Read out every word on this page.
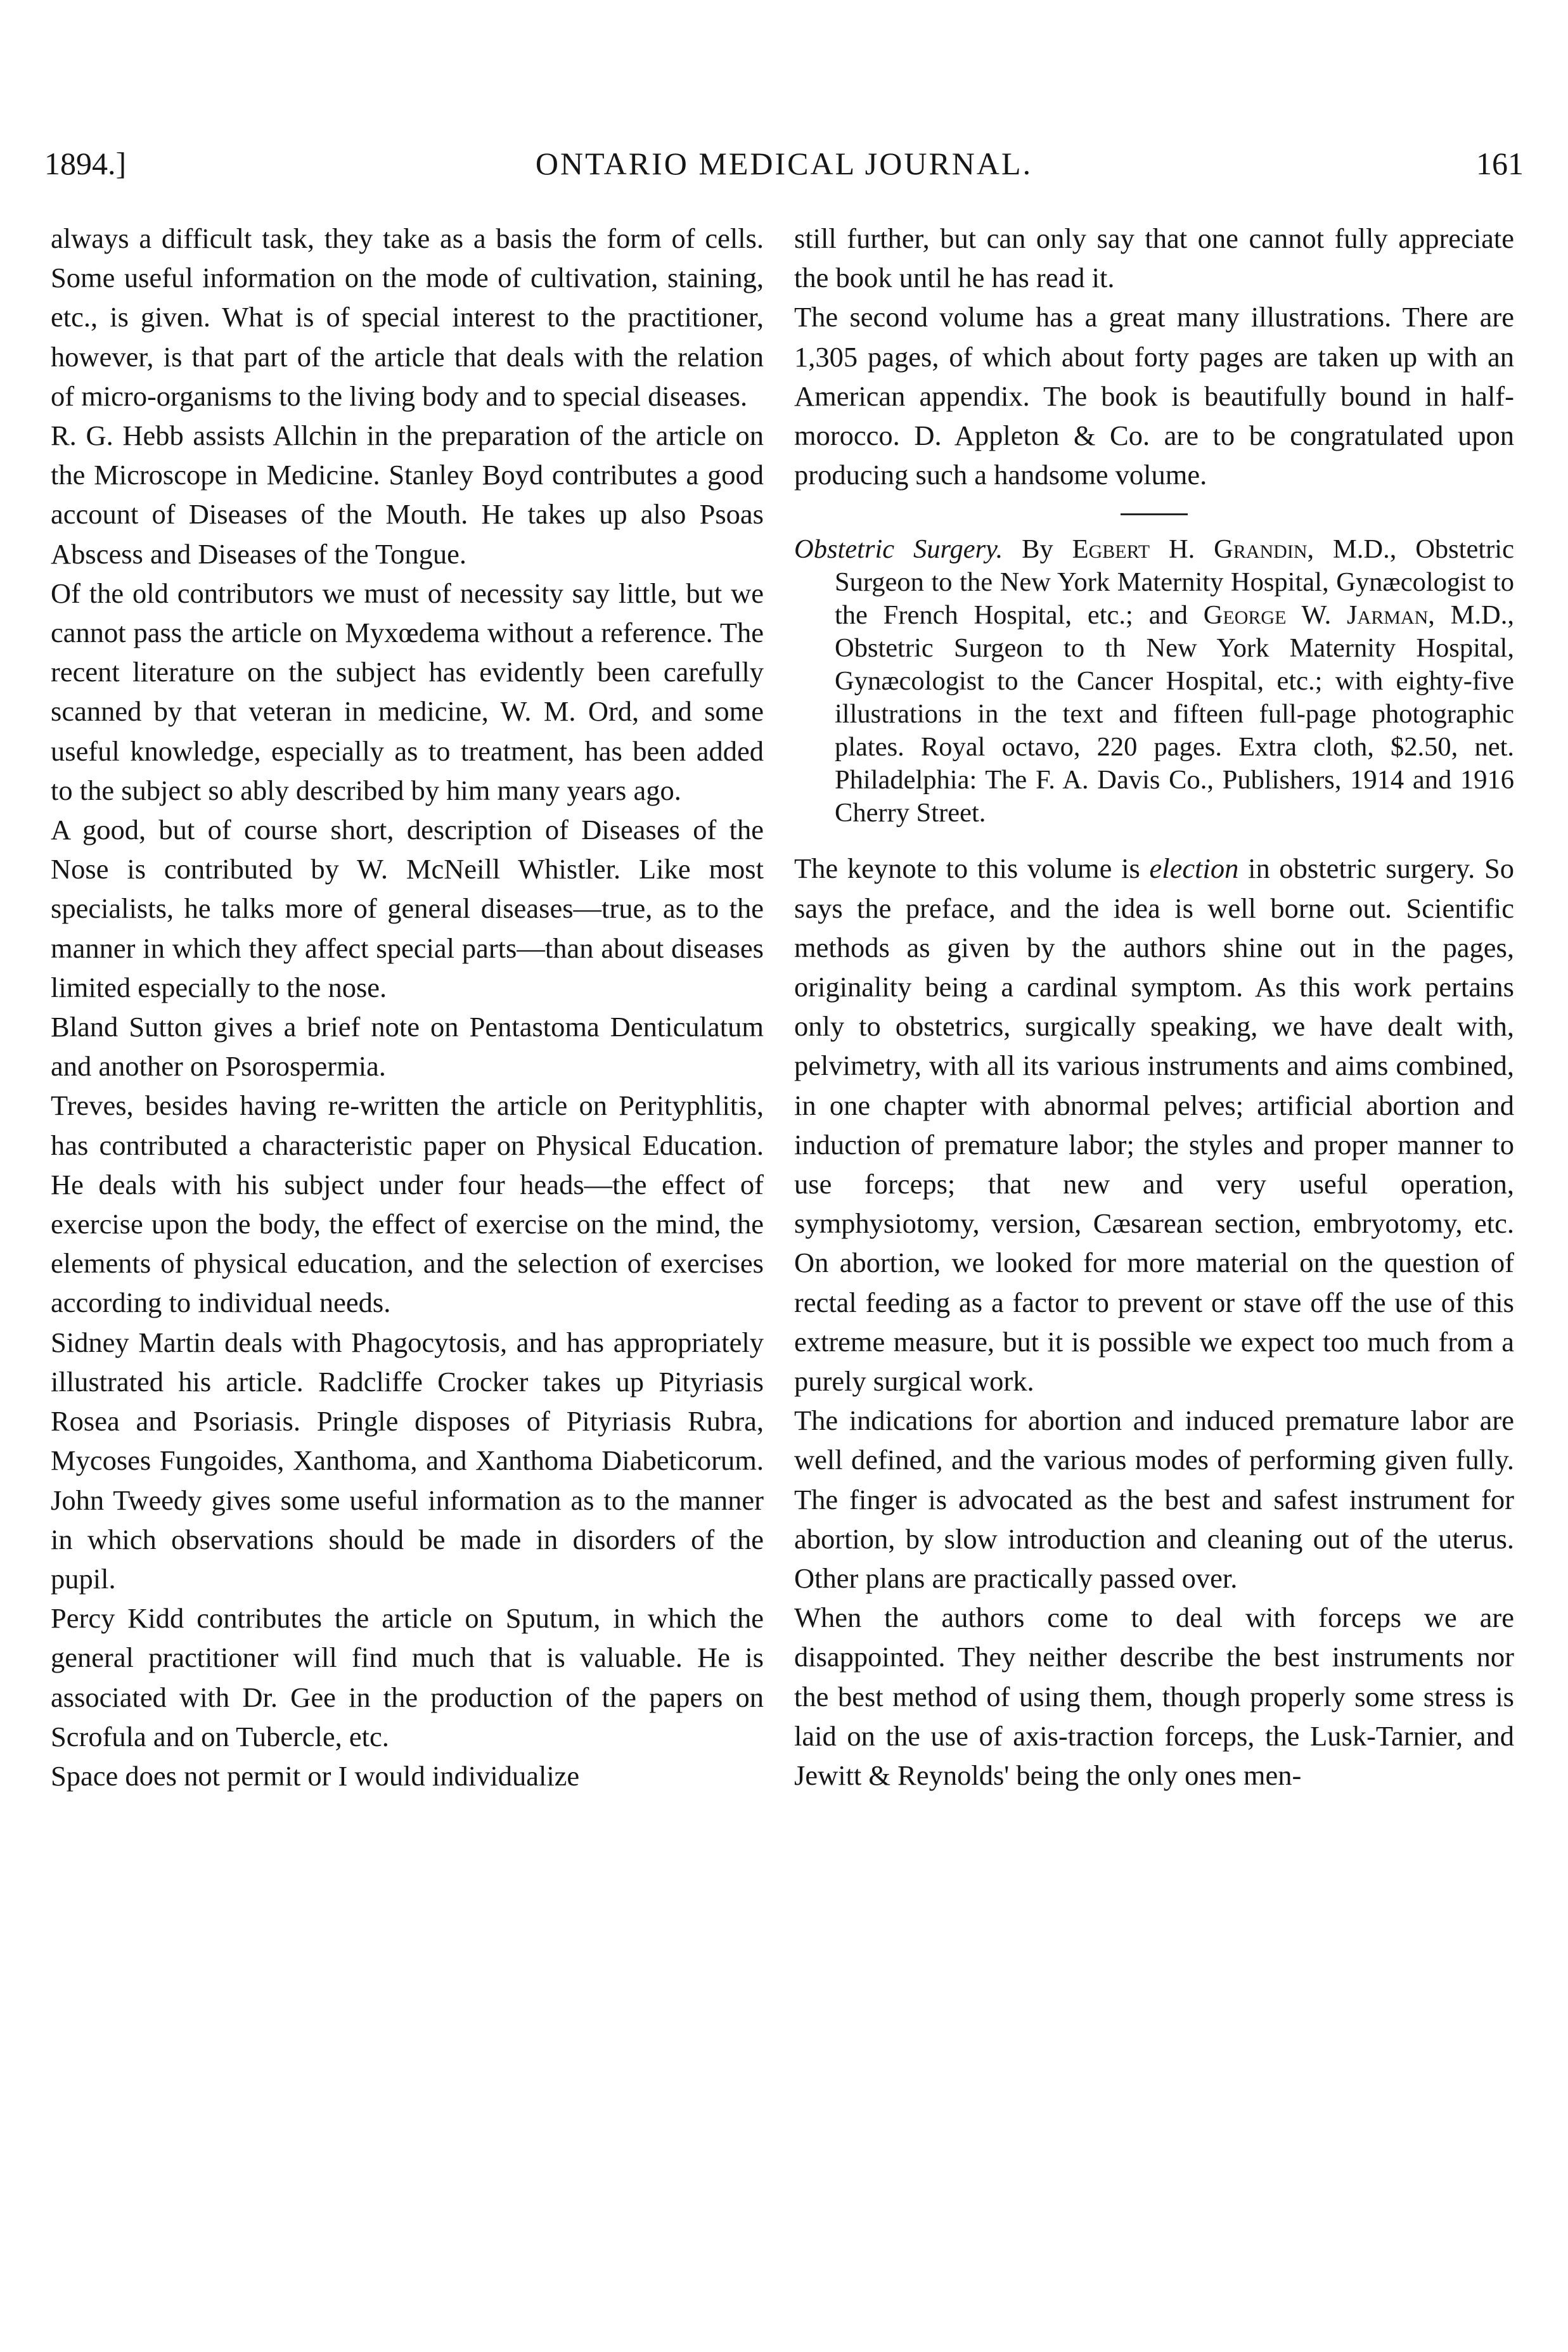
1894.]	ONTARIO MEDICAL JOURNAL.	161

always a difficult task, they take as a basis the form of cells. Some useful information on the mode of cultivation, staining, etc., is given. What is of special interest to the practitioner, however, is that part of the article that deals with the relation of micro-organisms to the living body and to special diseases.

R. G. Hebb assists Allchin in the preparation of the article on the Microscope in Medicine. Stanley Boyd contributes a good account of Diseases of the Mouth. He takes up also Psoas Abscess and Diseases of the Tongue.

Of the old contributors we must of necessity say little, but we cannot pass the article on Myxœdema without a reference. The recent literature on the subject has evidently been carefully scanned by that veteran in medicine, W. M. Ord, and some useful knowledge, especially as to treatment, has been added to the subject so ably described by him many years ago.

A good, but of course short, description of Diseases of the Nose is contributed by W. McNeill Whistler. Like most specialists, he talks more of general diseases—true, as to the manner in which they affect special parts—than about diseases limited especially to the nose.

Bland Sutton gives a brief note on Pentastoma Denticulatum and another on Psorospermia.

Treves, besides having re-written the article on Perityphlitis, has contributed a characteristic paper on Physical Education. He deals with his subject under four heads—the effect of exercise upon the body, the effect of exercise on the mind, the elements of physical education, and the selection of exercises according to individual needs.

Sidney Martin deals with Phagocytosis, and has appropriately illustrated his article. Radcliffe Crocker takes up Pityriasis Rosea and Psoriasis. Pringle disposes of Pityriasis Rubra, Mycoses Fungoides, Xanthoma, and Xanthoma Diabeticorum. John Tweedy gives some useful information as to the manner in which observations should be made in disorders of the pupil.

Percy Kidd contributes the article on Sputum, in which the general practitioner will find much that is valuable. He is associated with Dr. Gee in the production of the papers on Scrofula and on Tubercle, etc.

Space does not permit or I would individualize

still further, but can only say that one cannot fully appreciate the book until he has read it.

The second volume has a great many illustrations. There are 1,305 pages, of which about forty pages are taken up with an American appendix. The book is beautifully bound in half-morocco. D. Appleton & Co. are to be congratulated upon producing such a handsome volume.

Obstetric Surgery. By Egbert H. Grandin, M.D., Obstetric Surgeon to the New York Maternity Hospital, Gynæcologist to the French Hospital, etc.; and George W. Jarman, M.D., Obstetric Surgeon to th New York Maternity Hospital, Gynæcologist to the Cancer Hospital, etc.; with eighty-five illustrations in the text and fifteen full-page photographic plates. Royal octavo, 220 pages. Extra cloth, $2.50, net. Philadelphia: The F. A. Davis Co., Publishers, 1914 and 1916 Cherry Street.

The keynote to this volume is election in obstetric surgery. So says the preface, and the idea is well borne out. Scientific methods as given by the authors shine out in the pages, originality being a cardinal symptom. As this work pertains only to obstetrics, surgically speaking, we have dealt with, pelvimetry, with all its various instruments and aims combined, in one chapter with abnormal pelves; artificial abortion and induction of premature labor; the styles and proper manner to use forceps; that new and very useful operation, symphysiotomy, version, Cæsarean section, embryotomy, etc. On abortion, we looked for more material on the question of rectal feeding as a factor to prevent or stave off the use of this extreme measure, but it is possible we expect too much from a purely surgical work.

The indications for abortion and induced premature labor are well defined, and the various modes of performing given fully. The finger is advocated as the best and safest instrument for abortion, by slow introduction and cleaning out of the uterus. Other plans are practically passed over.

When the authors come to deal with forceps we are disappointed. They neither describe the best instruments nor the best method of using them, though properly some stress is laid on the use of axis-traction forceps, the Lusk-Tarnier, and Jewitt & Reynolds' being the only ones men-
